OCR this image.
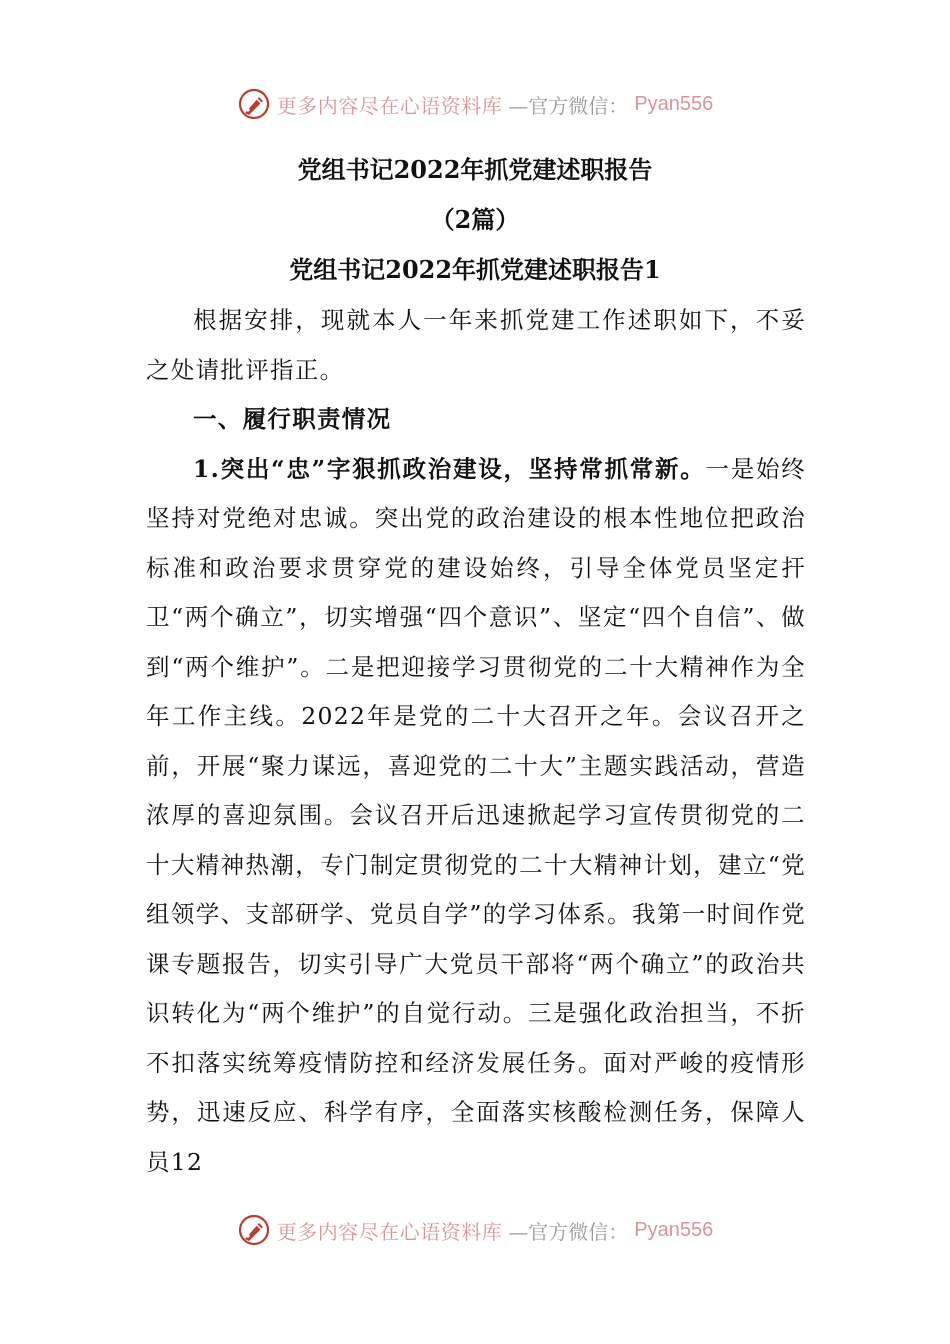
更多内容尽在心语资料库 —官方微信： Pyan556
党组书记2022年抓党建述职报告
（2篇）
党组书记2022年抓党建述职报告1

根据安排，现就本人一年来抓党建工作述职如下，不妥之处请批评指正。

一、履行职责情况

1.突出“忠”字狠抓政治建设，坚持常抓常新。一是始终坚持对党绝对忠诚。突出党的政治建设的根本性地位把政治标准和政治要求贯穿党的建设始终，引导全体党员坚定扞卫“两个确立”，切实增强“四个意识”、坚定“四个自信”、做到“两个维护”。二是把迎接学习贯彻党的二十大精神作为全年工作主线。2022年是党的二十大召开之年。会议召开之前，开展“聚力谋远，喜迎党的二十大”主题实践活动，营造浓厚的喜迎氛围。会议召开后迅速掀起学习宣传贯彻党的二十大精神热潮，专门制定贯彻党的二十大精神计划，建立“党组领学、支部研学、党员自学”的学习体系。我第一时间作党课专题报告，切实引导广大党员干部将“两个确立”的政治共识转化为“两个维护”的自觉行动。三是强化政治担当，不折不扣落实统筹疫情防控和经济发展任务。面对严峻的疫情形势，迅速反应、科学有序，全面落实核酸检测任务，保障人员12

更多内容尽在心语资料库 —官方微信： Pyan556
